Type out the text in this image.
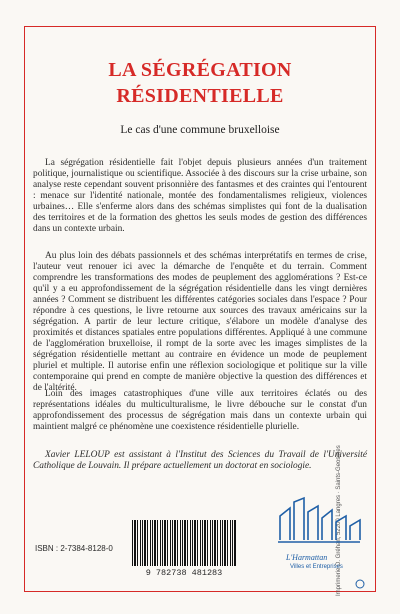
LA SÉGRÉGATION
RÉSIDENTIELLE
Le cas d'une commune bruxelloise

La ségrégation résidentielle fait l'objet depuis plusieurs années d'un traitement politique, journalistique ou scientifique. Associée à des discours sur la crise urbaine, son analyse reste cependant souvent prisonnière des fantasmes et des craintes qui l'entourent : menace sur l'identité nationale, montée des fondamentalismes religieux, violences urbaines… Elle s'enferme alors dans des schémas simplistes qui font de la dualisation des territoires et de la formation des ghettos les seuls modes de gestion des différences dans un contexte urbain.

Au plus loin des débats passionnels et des schémas interprétatifs en termes de crise, l'auteur veut renouer ici avec la démarche de l'enquête et du terrain. Comment comprendre les transformations des modes de peuplement des agglomérations ? Est-ce qu'il y a eu approfondissement de la ségrégation résidentielle dans les vingt dernières années ? Comment se distribuent les différentes catégories sociales dans l'espace ? Pour répondre à ces questions, le livre retourne aux sources des travaux américains sur la ségrégation. A partir de leur lecture critique, s'élabore un modèle d'analyse des proximités et distances spatiales entre populations différentes. Appliqué à une commune de l'agglomération bruxelloise, il rompt de la sorte avec les images simplistes de la ségrégation résidentielle mettant au contraire en évidence un mode de peuplement pluriel et multiple. Il autorise enfin une réflexion sociologique et politique sur la ville contemporaine qui prend en compte de manière objective la question des différences et de l'altérité.

Loin des images catastrophiques d'une ville aux territoires éclatés ou des représentations idéales du multiculturalisme, le livre débouche sur le constat d'un approfondissement des processus de ségrégation mais dans un contexte urbain qui maintient malgré ce phénomène une coexistence résidentielle plurielle.

Xavier LELOUP est assistant à l'Institut des Sciences du Travail de l'Université Catholique de Louvain. Il prépare actuellement un doctorat en sociologie.

ISBN : 2-7384-8128-0
9 782738 481283	Imprimerie D. Gréhan, 52200 Langres · Saints-Geosmes
L'Harmattan
Villes et Entreprises
